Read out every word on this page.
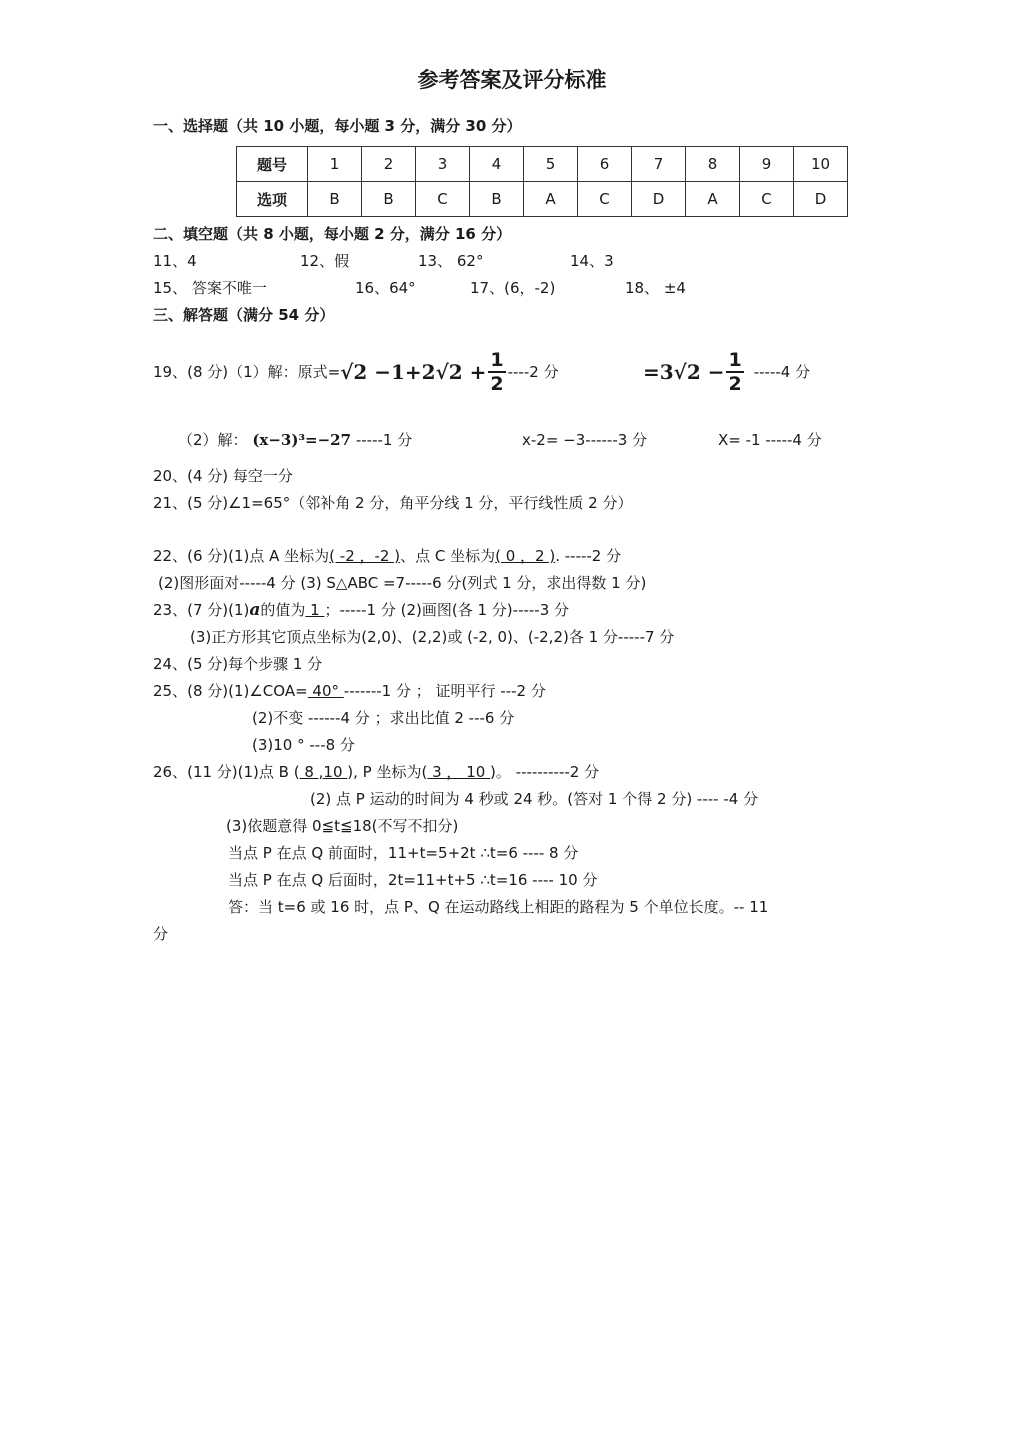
参考答案及评分标准
一、选择题（共 10 小题，每小题 3 分，满分 30 分）
题号	1	2	3	4	5	6	7	8	9	10
选项	B	B	C	B	A	C	D	A	C	D
二、填空题（共 8 小题，每小题 2 分，满分 16 分）
11、4	12、假	13、 62°	14、3
15、 答案不唯一	16、64°	17、(6，-2)	18、 ±4
三、解答题（满分 54 分）
19、(8 分)（1）解：原式= $√2 -1+2√2 + \frac{1}{2} ----2$ 分	$=3√2 - \frac{1}{2} -----4$ 分
（2）解： (x−3)³=−27 -----1 分	x-2= −3------3 分	X= -1 -----4 分
20、(4 分) 每空一分
21、(5 分)∠1=65°（邻补角 2 分，角平分线 1 分，平行线性质 2 分）
22、(6 分)(1)点 A 坐标为( -2 ，-2 )、点 C 坐标为( 0 ，2 ). -----2 分
(2)图形面对-----4 分 (3) S△ABC =7-----6 分(列式 1 分，求出得数 1 分)
23、(7 分)(1)a的值为 1 ；-----1 分 (2)画图(各 1 分)-----3 分
(3)正方形其它顶点坐标为(2,0)、(2,2)或 (-2, 0)、(-2,2)各 1 分-----7 分
24、(5 分)每个步骤 1 分
25、(8 分)(1)∠COA= 40° -------1 分 ； 证明平行 ---2 分
(2)不变 ------4 分 ；求出比值 2 ---6 分
(3)10 ° ---8 分
26、(11 分)(1)点 B ( 8 ,10 ), P 坐标为( 3 ， 10 )。 ----------2 分
(2) 点 P 运动的时间为 4 秒或 24 秒。(答对 1 个得 2 分) ---- -4 分
(3)依题意得 0≦t≦18(不写不扣分)
当点 P 在点 Q 前面时，11+t=5+2t ∴t=6 ---- 8 分
当点 P 在点 Q 后面时，2t=11+t+5 ∴t=16 ---- 10 分
答：当 t=6 或 16 时，点 P、Q 在运动路线上相距的路程为 5 个单位长度。-- 11
分
